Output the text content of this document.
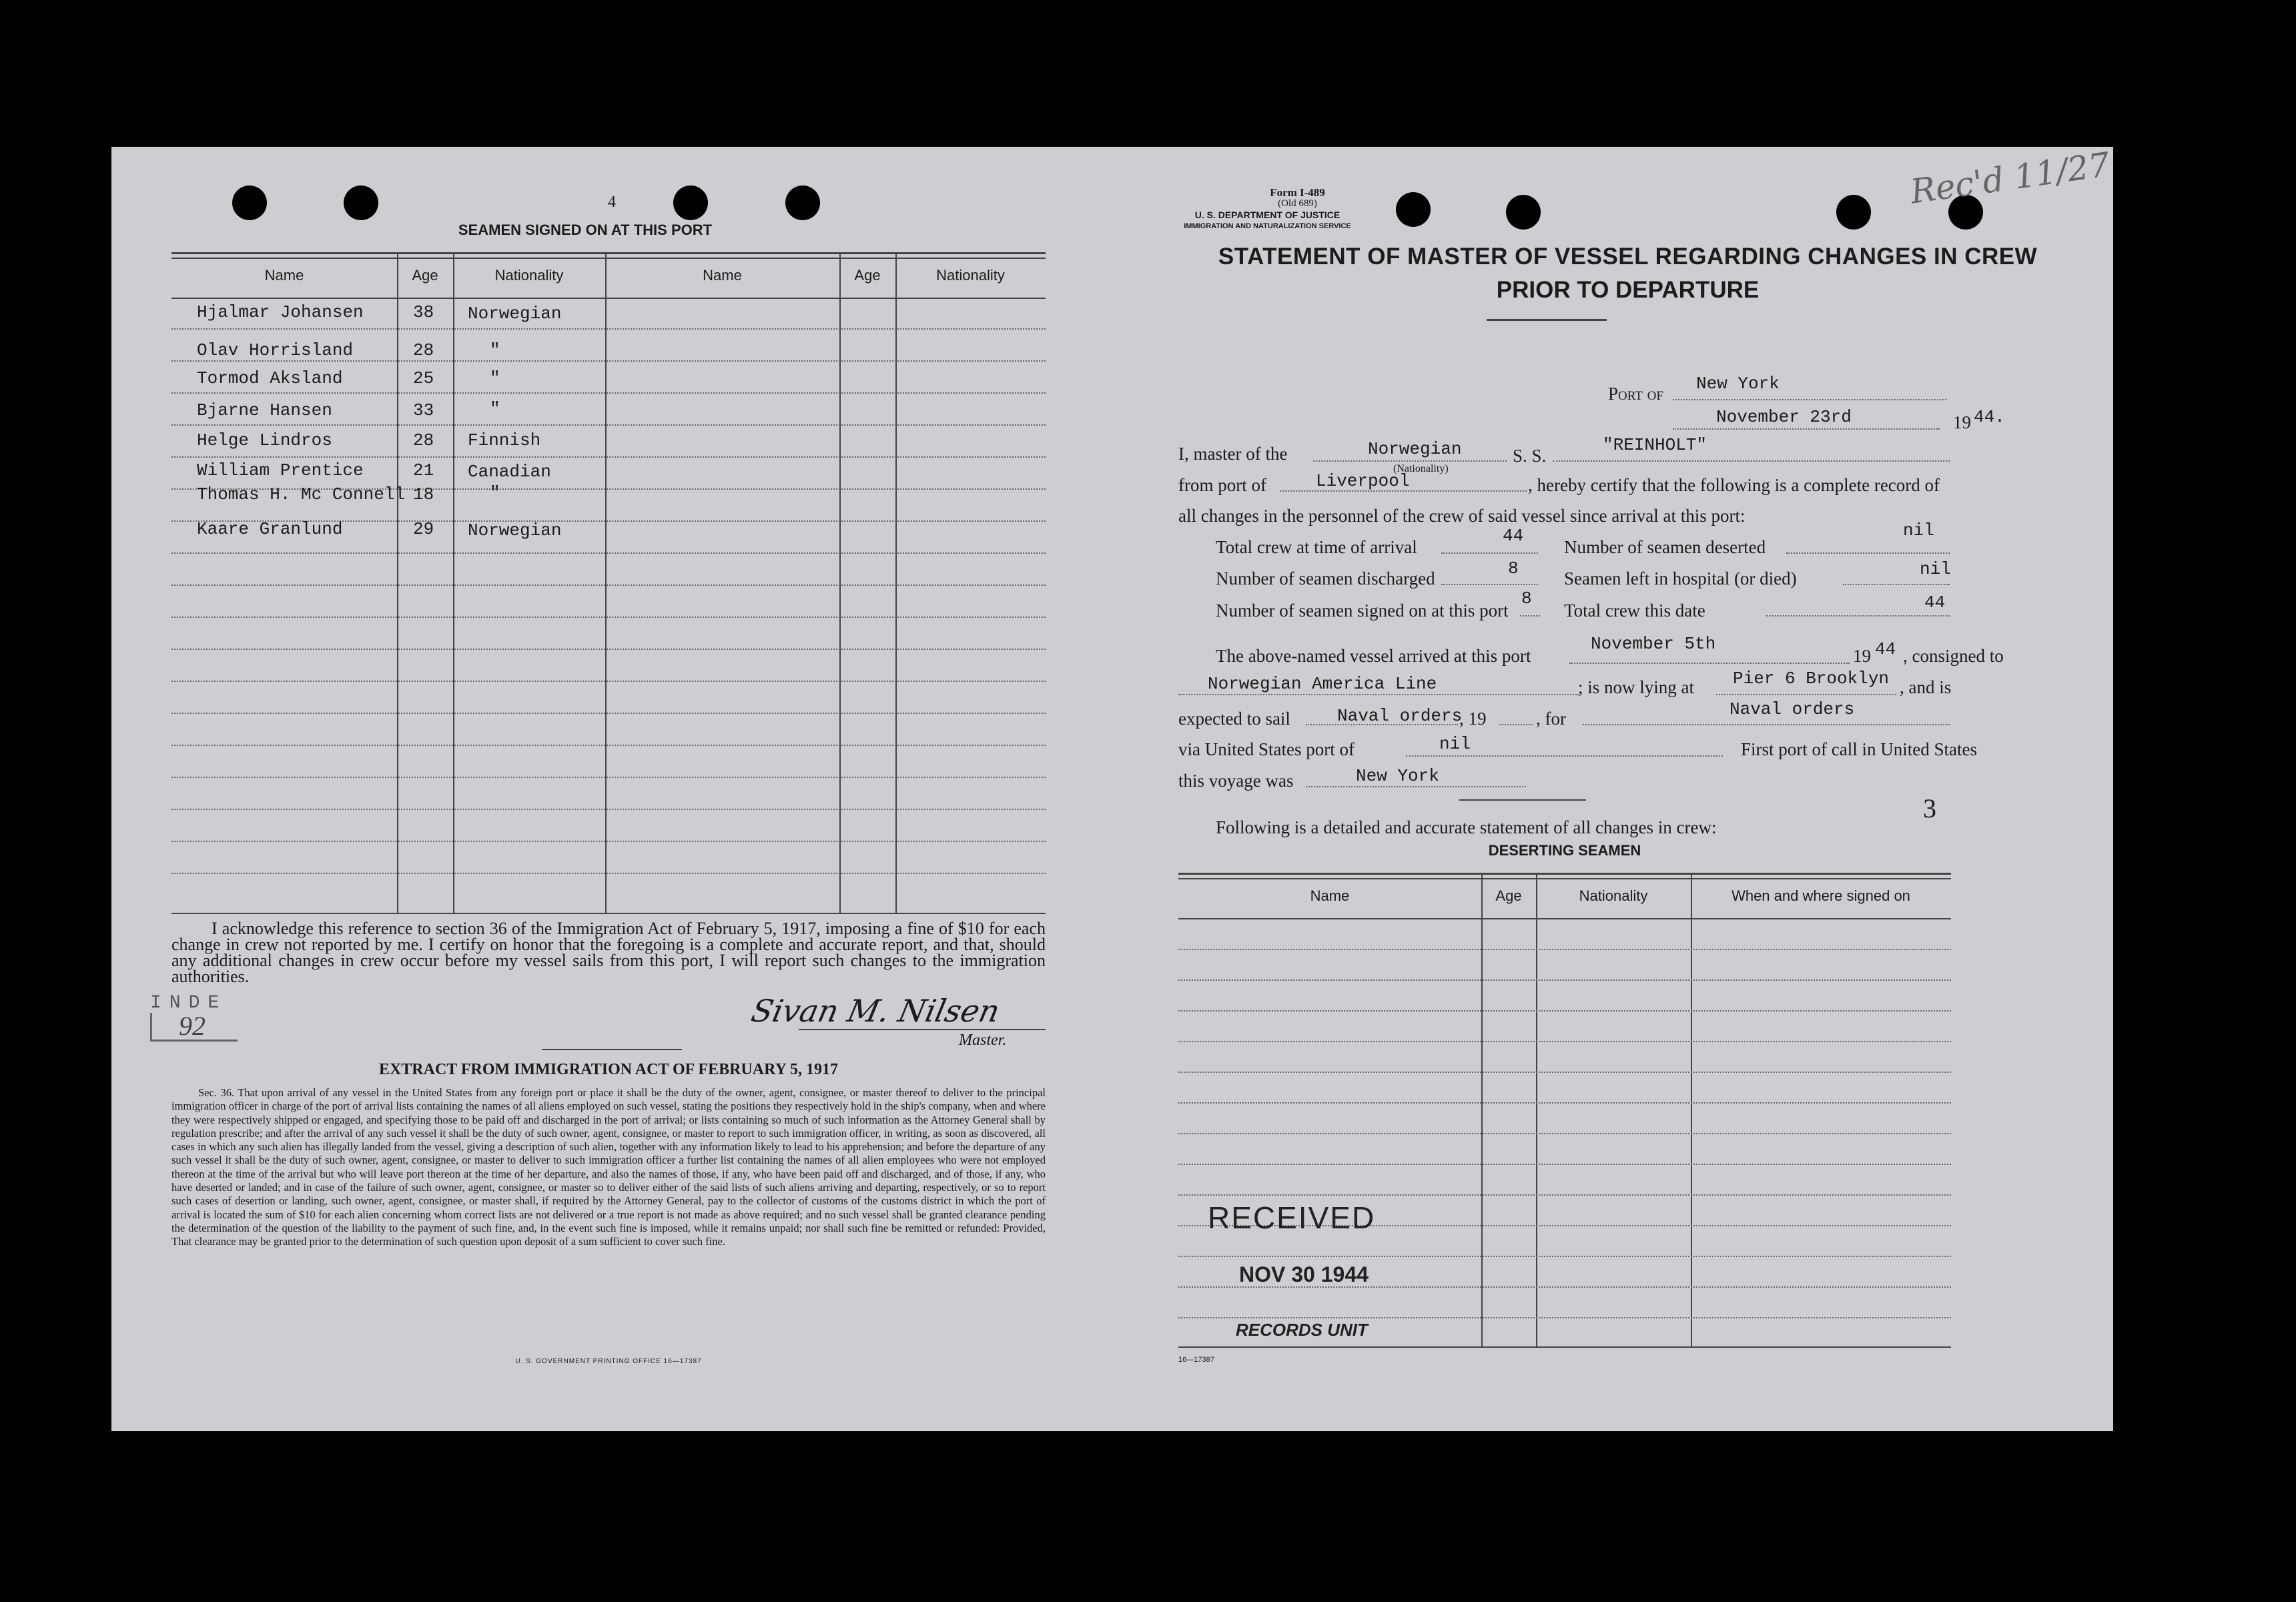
4
SEAMEN SIGNED ON AT THIS PORT
Name	Age	Nationality	Name	Age	Nationality
Hjalmar Johansen	38 Norwegian
Olav Horrisland	28	"
Tormod Aksland	25	"
Bjarne Hansen	33	"
Helge Lindros	28 Finnish
William Prentice	21 Canadian
Thomas H. Mc Connell 18	"
Kaare Granlund	29 Norwegian
I acknowledge this reference to section 36 of the Immigration Act of February 5, 1917, imposing a fine of $10 for each change in crew not reported by me. I certify on honor that the foregoing is a complete and accurate report, and that, should any additional changes in crew occur before my vessel sails from this port, I will report such changes to the immigration authorities.
INDE
92	Sivan M. Nilsen
Master.
EXTRACT FROM IMMIGRATION ACT OF FEBRUARY 5, 1917
Sec. 36. That upon arrival of any vessel in the United States from any foreign port or place it shall be the duty of the owner, agent, consignee, or master thereof to deliver to the principal immigration officer in charge of the port of arrival lists containing the names of all aliens employed on such vessel, stating the positions they respectively hold in the ship's company, when and where they were respectively shipped or engaged, and specifying those to be paid off and discharged in the port of arrival; or lists containing so much of such information as the Attorney General shall by regulation prescribe; and after the arrival of any such vessel it shall be the duty of such owner, agent, consignee, or master to report to such immigration officer, in writing, as soon as discovered, all cases in which any such alien has illegally landed from the vessel, giving a description of such alien, together with any information likely to lead to his apprehension; and before the departure of any such vessel it shall be the duty of such owner, agent, consignee, or master to deliver to such immigration officer a further list containing the names of all alien employees who were not employed thereon at the time of the arrival but who will leave port thereon at the time of her departure, and also the names of those, if any, who have been paid off and discharged, and of those, if any, who have deserted or landed; and in case of the failure of such owner, agent, consignee, or master so to deliver either of the said lists of such aliens arriving and departing, respectively, or so to report such cases of desertion or landing, such owner, agent, consignee, or master shall, if required by the Attorney General, pay to the collector of customs of the customs district in which the port of arrival is located the sum of $10 for each alien concerning whom correct lists are not delivered or a true report is not made as above required; and no such vessel shall be granted clearance pending the determination of the question of the liability to the payment of such fine, and, in the event such fine is imposed, while it remains unpaid; nor shall such fine be remitted or refunded: Provided, That clearance may be granted prior to the determination of such question upon deposit of a sum sufficient to cover such fine.
U. S. GOVERNMENT PRINTING OFFICE 16—17387
Form I-489
(Old 689)
U. S. DEPARTMENT OF JUSTICE
IMMIGRATION AND NATURALIZATION SERVICE
Rec'd 11/27
STATEMENT OF MASTER OF VESSEL REGARDING CHANGES IN CREW
PRIOR TO DEPARTURE
Port of New York
November 23rd	19 44.
I, master of the	Norwegian
(Nationality)
S. S.
"REINHOLT"
from port of	Liverpool	, hereby certify that the following is a complete record of
all changes in the personnel of the crew of said vessel since arrival at this port:
Total crew at time of arrival
44
Number of seamen discharged	8
Number of seamen signed on at this port
8
Number of seamen deserted
nil
Seamen left in hospital (or died)	nil
Total crew this date	44
The above-named vessel arrived at this port
November 5th
19 44 , consigned to
Norwegian America Line	; is now lying at Pier 6 Brooklyn , and is
expected to sail	Naval orders
, 19	, for	Naval orders
via United States port of	nil	First port of call in United States
this voyage was	New York
3
Following is a detailed and accurate statement of all changes in crew:
DESERTING SEAMEN
Name	Age	Nationality	When and where signed on
RECEIVED
NOV 30 1944
RECORDS UNIT
16—17387
